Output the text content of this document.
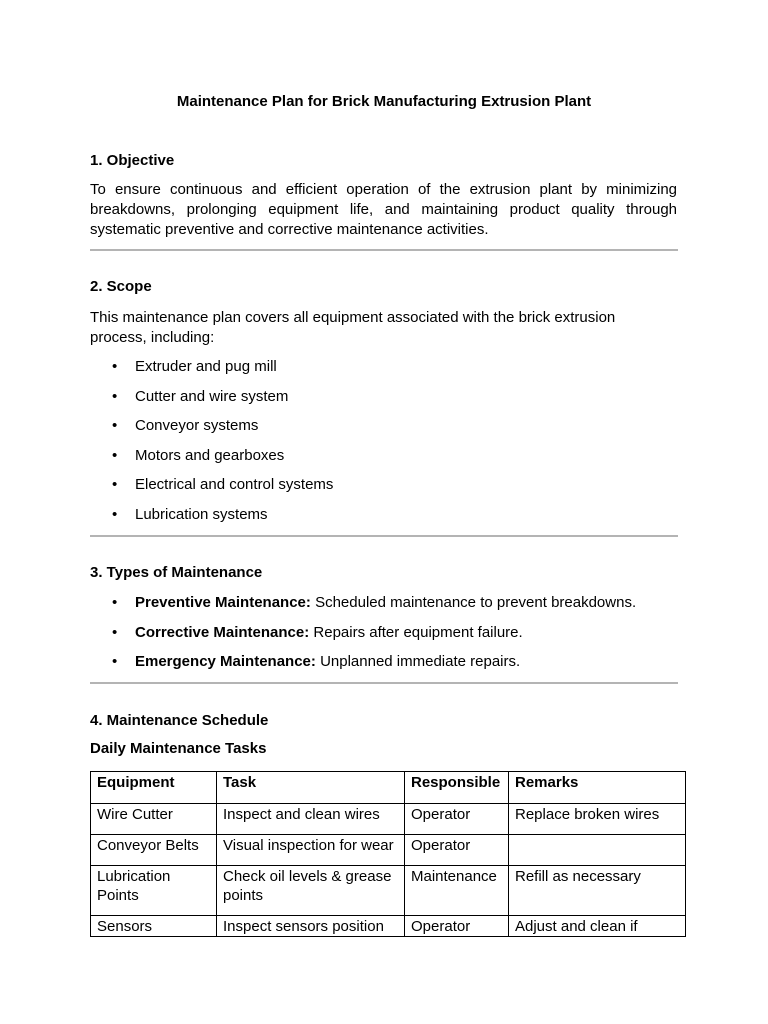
Maintenance Plan for Brick Manufacturing Extrusion Plant
1. Objective

To ensure continuous and efficient operation of the extrusion plant by minimizing breakdowns, prolonging equipment life, and maintaining product quality through systematic preventive and corrective maintenance activities.

2. Scope

This maintenance plan covers all equipment associated with the brick extrusion process, including:

• Extruder and pug mill
• Cutter and wire system
• Conveyor systems
• Motors and gearboxes
• Electrical and control systems
• Lubrication systems
3. Types of Maintenance
• Preventive Maintenance: Scheduled maintenance to prevent breakdowns.
• Corrective Maintenance: Repairs after equipment failure.
• Emergency Maintenance: Unplanned immediate repairs.
4. Maintenance Schedule
Daily Maintenance Tasks
Equipment	Task	Responsible	Remarks
Wire Cutter	Inspect and clean wires	Operator	Replace broken wires
Conveyor Belts	Visual inspection for wear	Operator	
Lubrication Points	Check oil levels & grease points	Maintenance	Refill as necessary
Sensors	Inspect sensors position	Operator	Adjust and clean if
